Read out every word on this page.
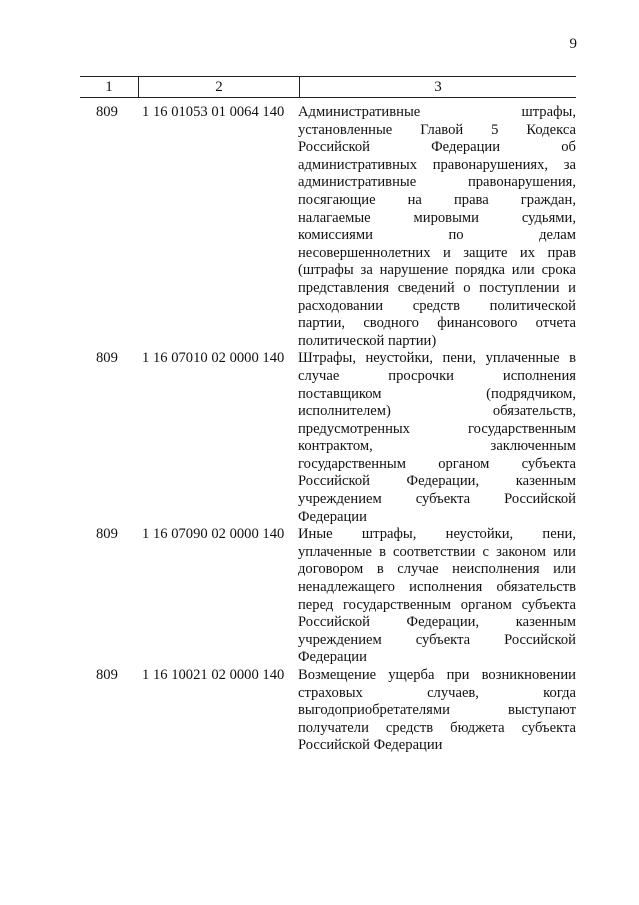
9
1	2	3
809	1 16 01053 01 0064 140 Административные штрафы,
установленные Главой 5 Кодекса
Российской Федерации об
административных правонарушениях, за
административные правонарушения,
посягающие на права граждан,
налагаемые мировыми судьями,
комиссиями по делам
несовершеннолетних и защите их прав
(штрафы за нарушение порядка или срока
представления сведений о поступлении и
расходовании средств политической
партии, сводного финансового отчета
политической партии)
809	1 16 07010 02 0000 140 Штрафы, неустойки, пени, уплаченные в
случае просрочки исполнения
поставщиком (подрядчиком,
исполнителем) обязательств,
предусмотренных государственным
контрактом, заключенным
государственным органом субъекта
Российской Федерации, казенным
учреждением субъекта Российской
Федерации
809	1 16 07090 02 0000 140 Иные штрафы, неустойки, пени,
уплаченные в соответствии с законом или
договором в случае неисполнения или
ненадлежащего исполнения обязательств
перед государственным органом субъекта
Российской Федерации, казенным
учреждением субъекта Российской
Федерации
809	1 16 10021 02 0000 140 Возмещение ущерба при возникновении
страховых случаев, когда
выгодоприобретателями выступают
получатели средств бюджета субъекта
Российской Федерации
